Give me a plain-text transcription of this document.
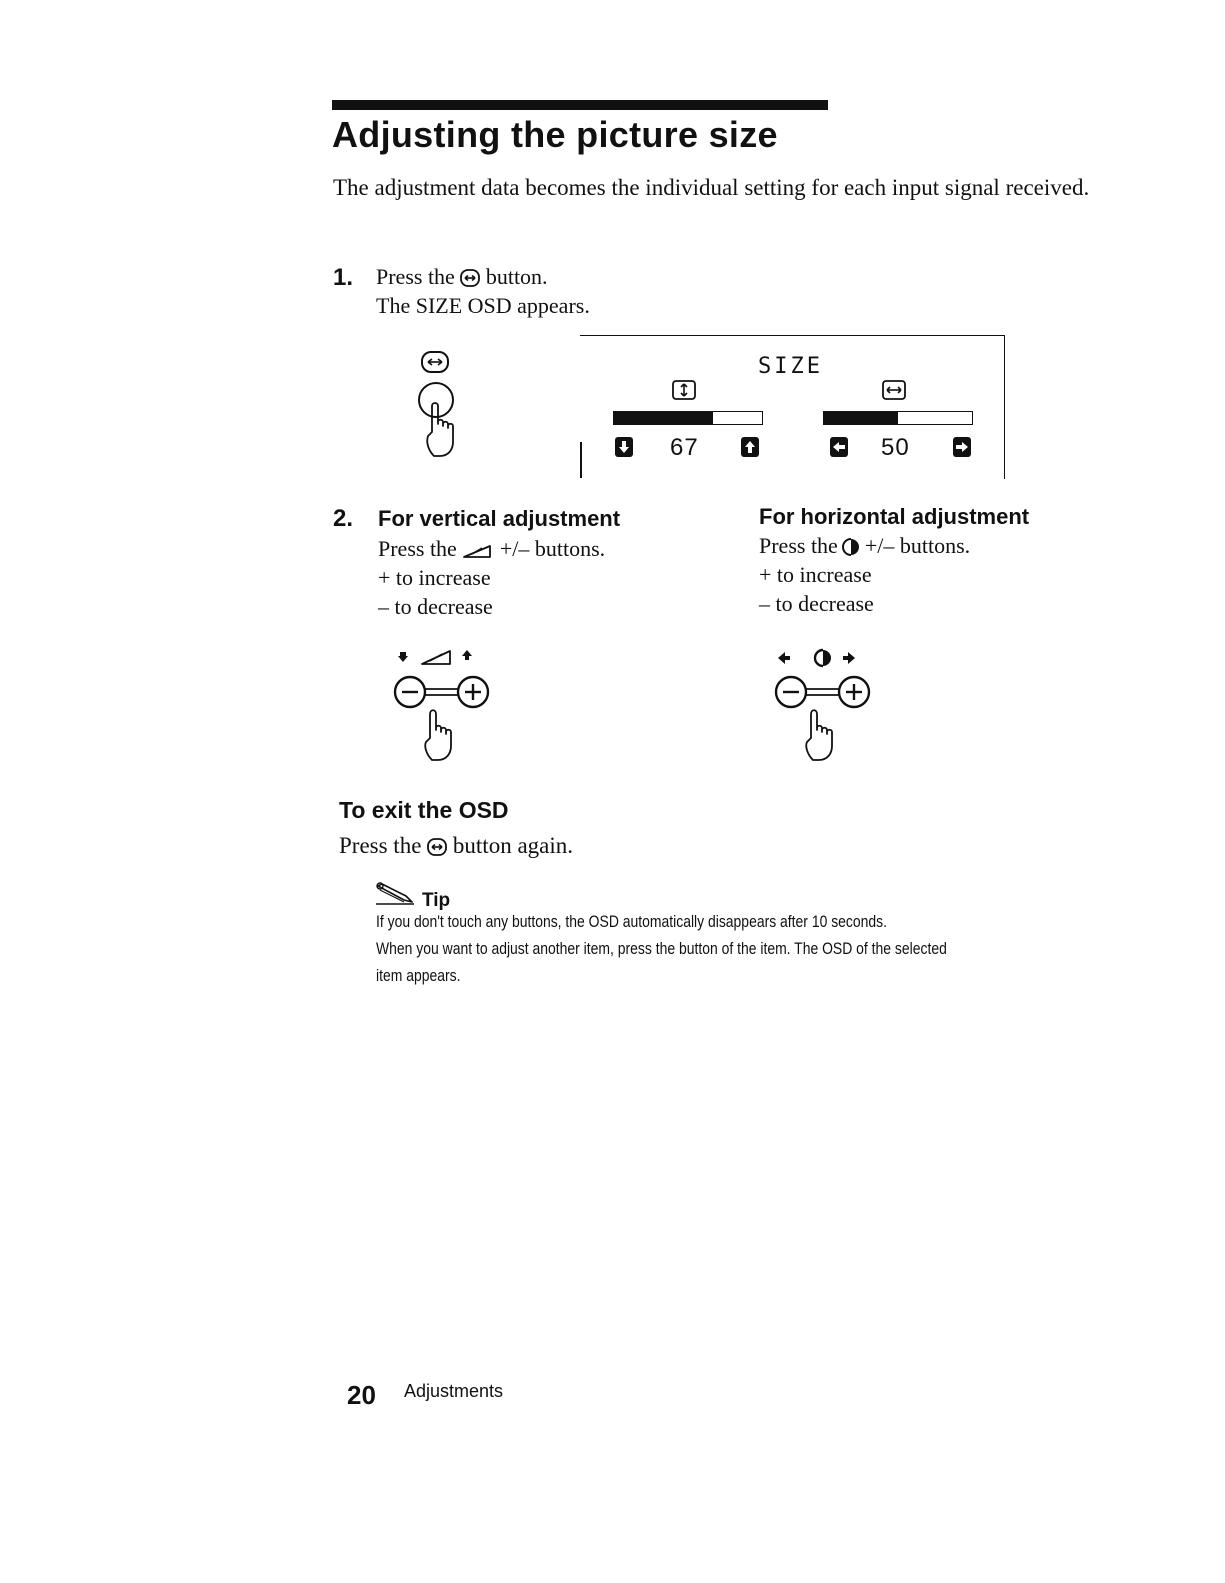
Adjusting the picture size
The adjustment data becomes the individual setting for each input signal received.
1. Press the button.
The SIZE OSD appears.
SIZE
67	50
2. For vertical adjustment
Press the +/– buttons.
+ to increase
– to decrease
For horizontal adjustment
Press the +/– buttons.
+ to increase
– to decrease
To exit the OSD
Press the button again.
Tip
If you don't touch any buttons, the OSD automatically disappears after 10 seconds.
When you want to adjust another item, press the button of the item. The OSD of the selected
item appears.
20 Adjustments
